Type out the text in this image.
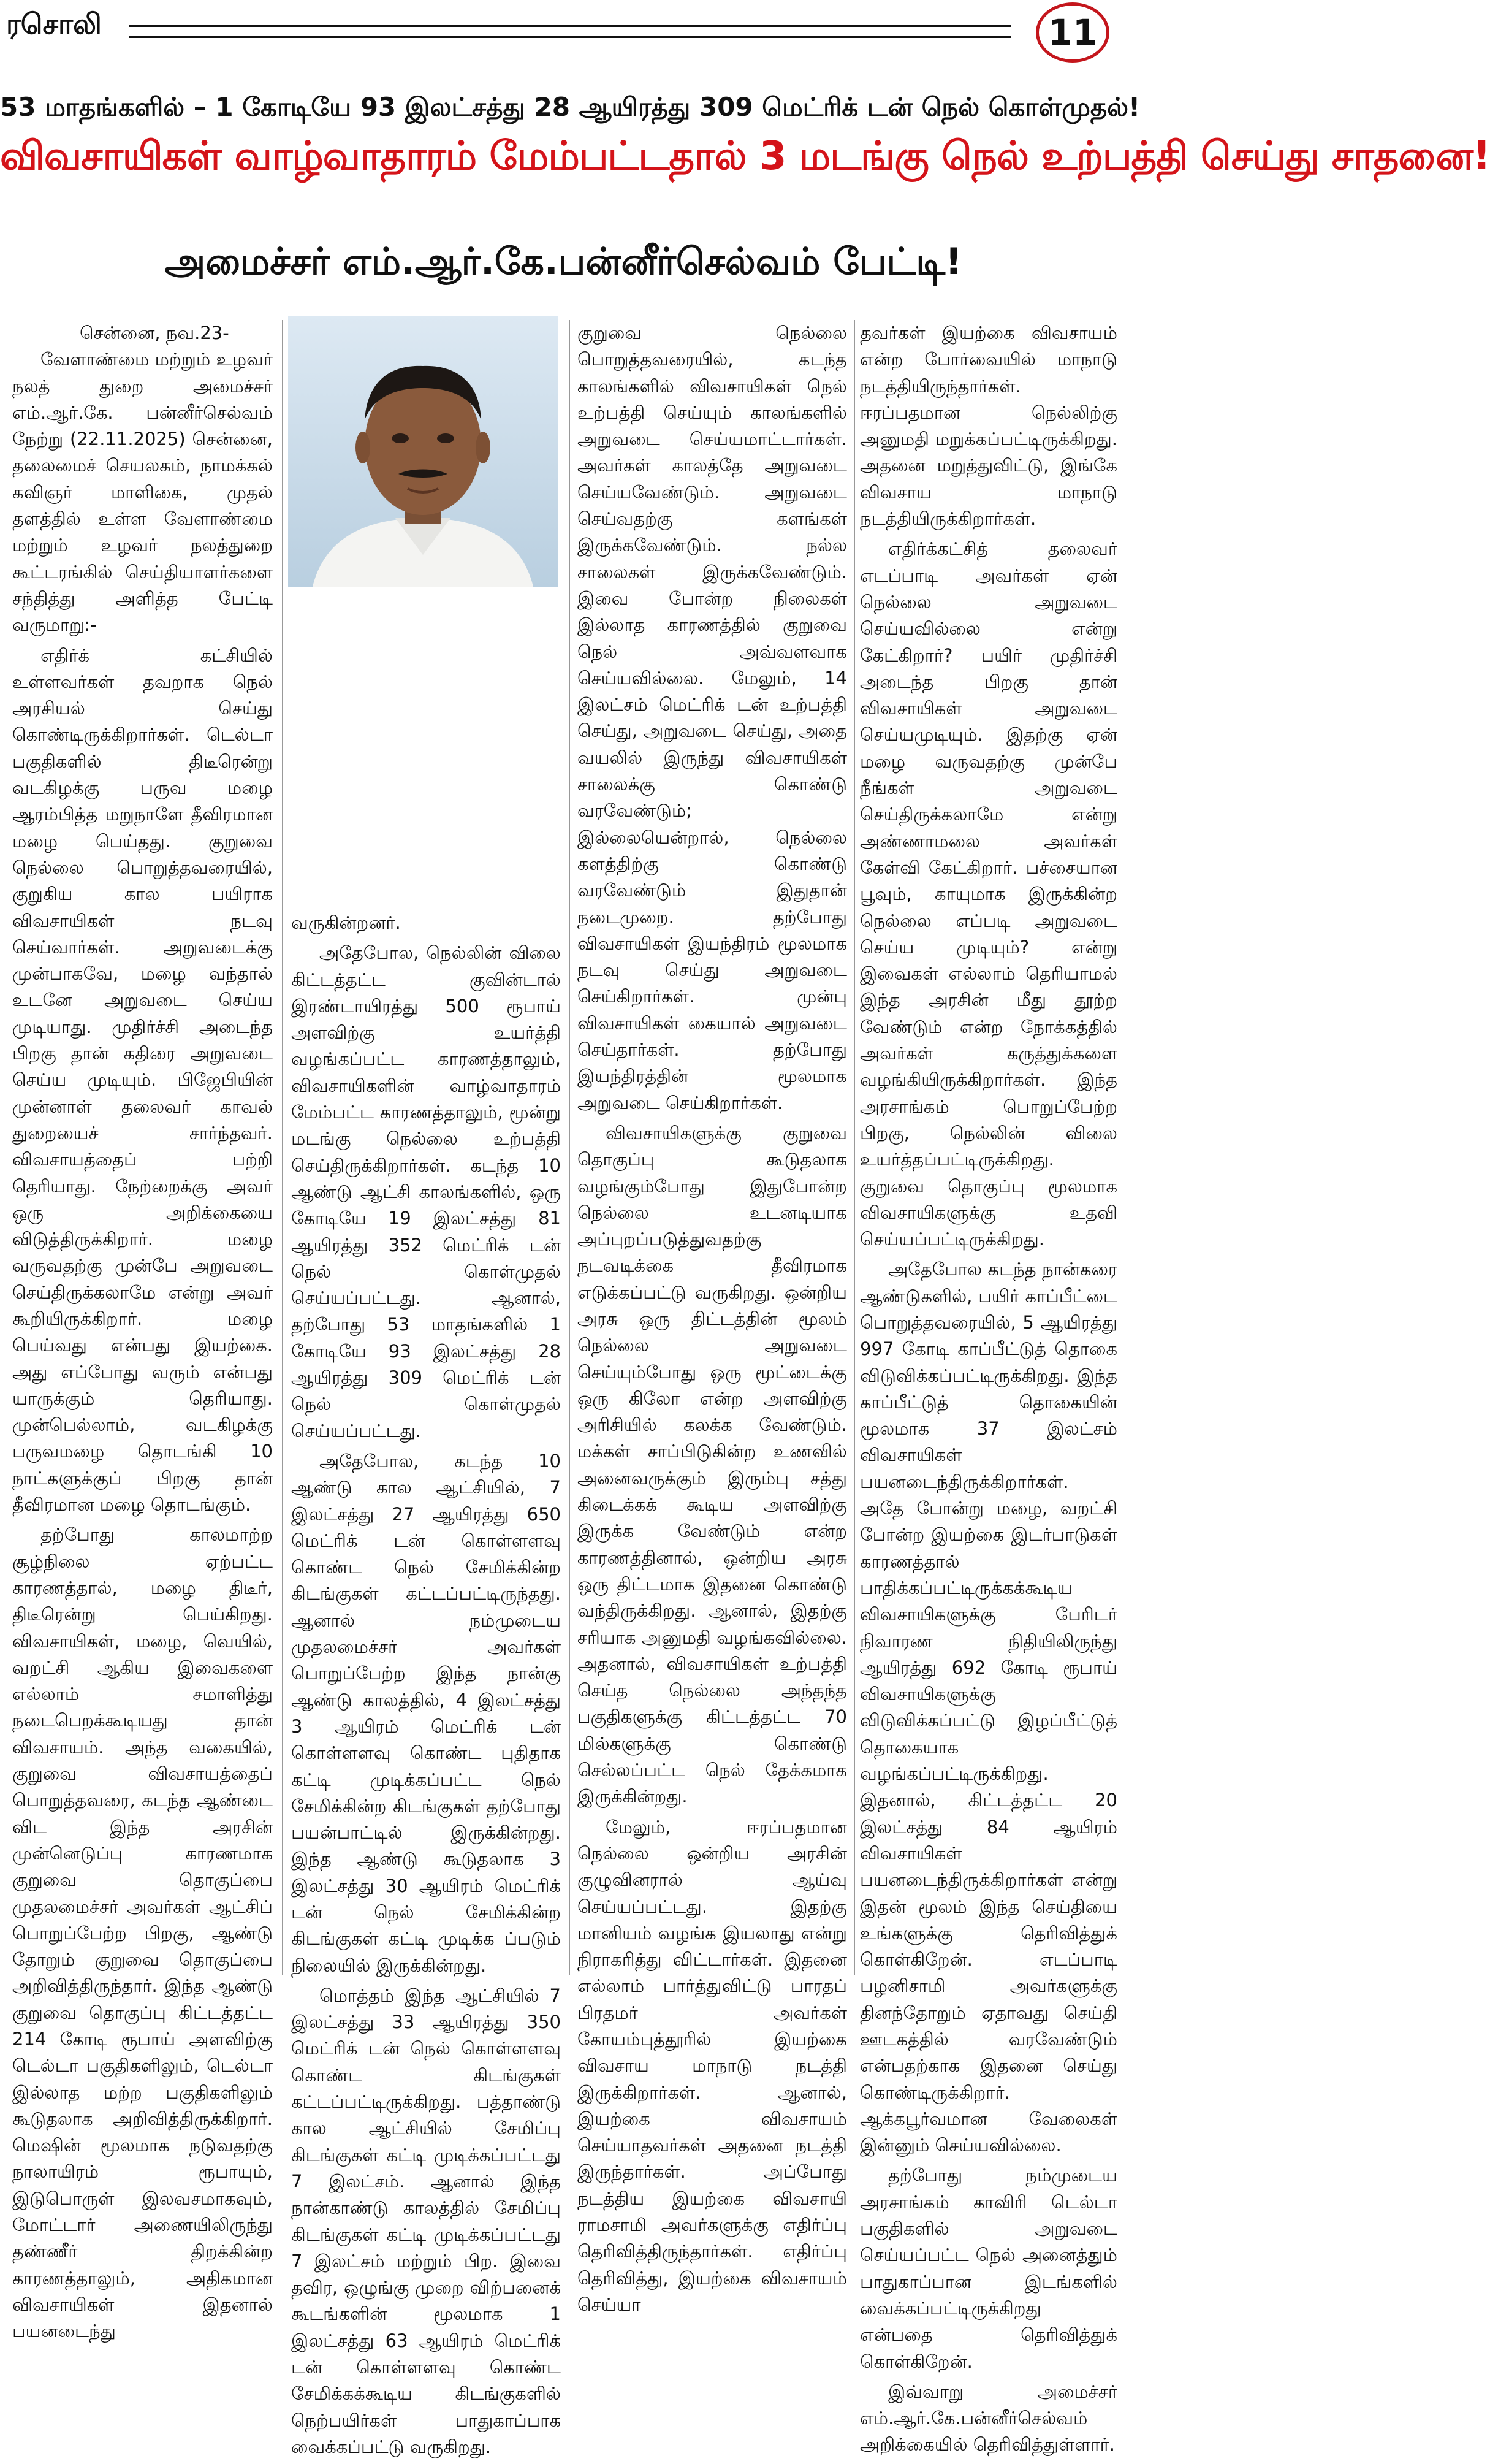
ரசொலி	11
53 மாதங்களில் – 1 கோடியே 93 இலட்சத்து 28 ஆயிரத்து 309 மெட்ரிக் டன் நெல் கொள்முதல்!
விவசாயிகள் வாழ்வாதாரம் மேம்பட்டதால் 3 மடங்கு நெல் உற்பத்தி செய்து சாதனை!
அமைச்சர் எம்.ஆர்.கே.பன்னீர்செல்வம் பேட்டி!

சென்னை, நவ.23-

வேளாண்மை மற்றும் உழவர் நலத் துறை அமைச்சர் எம்.ஆர்.கே. பன்னீர்செல்வம் நேற்று (22.11.2025) சென்னை, தலைமைச் செயலகம், நாமக்கல் கவிஞர் மாளிகை, முதல் தளத்தில் உள்ள வேளாண்மை மற்றும் உழவர் நலத்துறை கூட்டரங்கில் செய்தியாளர்களை சந்தித்து அளித்த பேட்டி வருமாறு:-

எதிர்க் கட்சியில் உள்ளவர்கள் தவறாக நெல் அரசியல் செய்து கொண்டிருக்கிறார்கள். டெல்டா பகுதிகளில் திடீரென்று வடகிழக்கு பருவ மழை ஆரம்பித்த மறுநாளே தீவிரமான மழை பெய்தது. குறுவை நெல்லை பொறுத்தவரையில், குறுகிய கால பயிராக விவசாயிகள் நடவு செய்வார்கள். அறுவடைக்கு முன்பாகவே, மழை வந்தால் உடனே அறுவடை செய்ய முடியாது. முதிர்ச்சி அடைந்த பிறகு தான் கதிரை அறுவடை செய்ய முடியும். பிஜேபியின் முன்னாள் தலைவர் காவல் துறையைச் சார்ந்தவர். விவசாயத்தைப் பற்றி தெரியாது. நேற்றைக்கு அவர் ஒரு அறிக்கையை விடுத்திருக்கிறார். மழை வருவதற்கு முன்பே அறுவடை செய்திருக்கலாமே என்று அவர் கூறியிருக்கிறார். மழை பெய்வது என்பது இயற்கை. அது எப்போது வரும் என்பது யாருக்கும் தெரியாது. முன்பெல்லாம், வடகிழக்கு பருவமழை தொடங்கி 10 நாட்களுக்குப் பிறகு தான் தீவிரமான மழை தொடங்கும்.

தற்போது காலமாற்ற சூழ்நிலை ஏற்பட்ட காரணத்தால், மழை திடீர், திடீரென்று பெய்கிறது. விவசாயிகள், மழை, வெயில், வறட்சி ஆகிய இவைகளை எல்லாம் சமாளித்து நடைபெறக்கூடியது தான் விவசாயம். அந்த வகையில், குறுவை விவசாயத்தைப் பொறுத்தவரை, கடந்த ஆண்டை விட இந்த அரசின் முன்னெடுப்பு காரணமாக குறுவை தொகுப்பை முதலமைச்சர் அவர்கள் ஆட்சிப் பொறுப்பேற்ற பிறகு, ஆண்டு தோறும் குறுவை தொகுப்பை அறிவித்திருந்தார். இந்த ஆண்டு குறுவை தொகுப்பு கிட்டத்தட்ட 214 கோடி ரூபாய் அளவிற்கு டெல்டா பகுதிகளிலும், டெல்டா இல்லாத மற்ற பகுதிகளிலும் கூடுதலாக அறிவித்திருக்கிறார். மெஷின் மூலமாக நடுவதற்கு நாலாயிரம் ரூபாயும், இடுபொருள் இலவசமாகவும், மோட்டார் அணையிலிருந்து தண்ணீர் திறக்கின்ற காரணத்தாலும், அதிகமான விவசாயிகள் இதனால் பயனடைந்து

வருகின்றனர்.

அதேபோல, நெல்லின் விலை கிட்டத்தட்ட குவின்டால் இரண்டாயிரத்து 500 ரூபாய் அளவிற்கு உயர்த்தி வழங்கப்பட்ட காரணத்தாலும், விவசாயிகளின் வாழ்வாதாரம் மேம்பட்ட காரணத்தாலும், மூன்று மடங்கு நெல்லை உற்பத்தி செய்திருக்கிறார்கள். கடந்த 10 ஆண்டு ஆட்சி காலங்களில், ஒரு கோடியே 19 இலட்சத்து 81 ஆயிரத்து 352 மெட்ரிக் டன் நெல் கொள்முதல் செய்யப்பட்டது. ஆனால், தற்போது 53 மாதங்களில் 1 கோடியே 93 இலட்சத்து 28 ஆயிரத்து 309 மெட்ரிக் டன் நெல் கொள்முதல் செய்யப்பட்டது.

அதேபோல, கடந்த 10 ஆண்டு கால ஆட்சியில், 7 இலட்சத்து 27 ஆயிரத்து 650 மெட்ரிக் டன் கொள்ளளவு கொண்ட நெல் சேமிக்கின்ற கிடங்குகள் கட்டப்பட்டிருந்தது. ஆனால் நம்முடைய முதலமைச்சர் அவர்கள் பொறுப்பேற்ற இந்த நான்கு ஆண்டு காலத்தில், 4 இலட்சத்து 3 ஆயிரம் மெட்ரிக் டன் கொள்ளளவு கொண்ட புதிதாக கட்டி முடிக்கப்பட்ட நெல் சேமிக்கின்ற கிடங்குகள் தற்போது பயன்பாட்டில் இருக்கின்றது. இந்த ஆண்டு கூடுதலாக 3 இலட்சத்து 30 ஆயிரம் மெட்ரிக் டன் நெல் சேமிக்கின்ற கிடங்குகள் கட்டி முடிக்க ப்படும் நிலையில் இருக்கின்றது.

மொத்தம் இந்த ஆட்சியில் 7 இலட்சத்து 33 ஆயிரத்து 350 மெட்ரிக் டன் நெல் கொள்ளளவு கொண்ட கிடங்குகள் கட்டப்பட்டிருக்கிறது. பத்தாண்டு கால ஆட்சியில் சேமிப்பு கிடங்குகள் கட்டி முடிக்கப்பட்டது 7 இலட்சம். ஆனால் இந்த நான்காண்டு காலத்தில் சேமிப்பு கிடங்குகள் கட்டி முடிக்கப்பட்டது 7 இலட்சம் மற்றும் பிற. இவை தவிர, ஒழுங்கு முறை விற்பனைக் கூடங்களின் மூலமாக 1 இலட்சத்து 63 ஆயிரம் மெட்ரிக் டன் கொள்ளளவு கொண்ட சேமிக்கக்கூடிய கிடங்குகளில் நெற்பயிர்கள் பாதுகாப்பாக வைக்கப்பட்டு வருகிறது.

குறுவை நெல்லை பொறுத்தவரையில், கடந்த காலங்களில் விவசாயிகள் நெல் உற்பத்தி செய்யும் காலங்களில் அறுவடை செய்யமாட்டார்கள். அவர்கள் காலத்தே அறுவடை செய்யவேண்டும். அறுவடை செய்வதற்கு களங்கள் இருக்கவேண்டும். நல்ல சாலைகள் இருக்கவேண்டும். இவை போன்ற நிலைகள் இல்லாத காரணத்தில் குறுவை நெல் அவ்வளவாக செய்யவில்லை. மேலும், 14 இலட்சம் மெட்ரிக் டன் உற்பத்தி செய்து, அறுவடை செய்து, அதை வயலில் இருந்து விவசாயிகள் சாலைக்கு கொண்டு வரவேண்டும்; இல்லையென்றால், நெல்லை களத்திற்கு கொண்டு வரவேண்டும் இதுதான் நடைமுறை. தற்போது விவசாயிகள் இயந்திரம் மூலமாக நடவு செய்து அறுவடை செய்கிறார்கள். முன்பு விவசாயிகள் கையால் அறுவடை செய்தார்கள். தற்போது இயந்திரத்தின் மூலமாக அறுவடை செய்கிறார்கள்.

விவசாயிகளுக்கு குறுவை தொகுப்பு கூடுதலாக வழங்கும்போது இதுபோன்ற நெல்லை உடனடியாக அப்புறப்படுத்துவதற்கு நடவடிக்கை தீவிரமாக எடுக்கப்பட்டு வருகிறது. ஒன்றிய அரசு ஒரு திட்டத்தின் மூலம் நெல்லை அறுவடை செய்யும்போது ஒரு மூட்டைக்கு ஒரு கிலோ என்ற அளவிற்கு அரிசியில் கலக்க வேண்டும். மக்கள் சாப்பிடுகின்ற உணவில் அனைவருக்கும் இரும்பு சத்து கிடைக்கக் கூடிய அளவிற்கு இருக்க வேண்டும் என்ற காரணத்தினால், ஒன்றிய அரசு ஒரு திட்டமாக இதனை கொண்டு வந்திருக்கிறது. ஆனால், இதற்கு சரியாக அனுமதி வழங்கவில்லை. அதனால், விவசாயிகள் உற்பத்தி செய்த நெல்லை அந்தந்த பகுதிகளுக்கு கிட்டத்தட்ட 70 மில்களுக்கு கொண்டு செல்லப்பட்ட நெல் தேக்கமாக இருக்கின்றது.

மேலும், ஈரப்பதமான நெல்லை ஒன்றிய அரசின் குழுவினரால் ஆய்வு செய்யப்பட்டது. இதற்கு மானியம் வழங்க இயலாது என்று நிராகரித்து விட்டார்கள். இதனை எல்லாம் பார்த்துவிட்டு பாரதப் பிரதமர் அவர்கள் கோயம்புத்தூரில் இயற்கை விவசாய மாநாடு நடத்தி இருக்கிறார்கள். ஆனால், இயற்கை விவசாயம் செய்யாதவர்கள் அதனை நடத்தி இருந்தார்கள். அப்போது நடத்திய இயற்கை விவசாயி ராமசாமி அவர்களுக்கு எதிர்ப்பு தெரிவித்திருந்தார்கள். எதிர்ப்பு தெரிவித்து, இயற்கை விவசாயம் செய்யா

தவர்கள் இயற்கை விவசாயம் என்ற போர்வையில் மாநாடு நடத்தியிருந்தார்கள். ஈரப்பதமான நெல்லிற்கு அனுமதி மறுக்கப்பட்டிருக்கிறது. அதனை மறுத்துவிட்டு, இங்கே விவசாய மாநாடு நடத்தியிருக்கிறார்கள்.

எதிர்க்கட்சித் தலைவர் எடப்பாடி அவர்கள் ஏன் நெல்லை அறுவடை செய்யவில்லை என்று கேட்கிறார்? பயிர் முதிர்ச்சி அடைந்த பிறகு தான் விவசாயிகள் அறுவடை செய்யமுடியும். இதற்கு ஏன் மழை வருவதற்கு முன்பே நீங்கள் அறுவடை செய்திருக்கலாமே என்று அண்ணாமலை அவர்கள் கேள்வி கேட்கிறார். பச்சையான பூவும், காயுமாக இருக்கின்ற நெல்லை எப்படி அறுவடை செய்ய முடியும்? என்று இவைகள் எல்லாம் தெரியாமல் இந்த அரசின் மீது தூற்ற வேண்டும் என்ற நோக்கத்தில் அவர்கள் கருத்துக்களை வழங்கியிருக்கிறார்கள். இந்த அரசாங்கம் பொறுப்பேற்ற பிறகு, நெல்லின் விலை உயர்த்தப்பட்டிருக்கிறது. குறுவை தொகுப்பு மூலமாக விவசாயிகளுக்கு உதவி செய்யப்பட்டிருக்கிறது.

அதேபோல கடந்த நான்கரை ஆண்டுகளில், பயிர் காப்பீட்டை பொறுத்தவரையில், 5 ஆயிரத்து 997 கோடி காப்பீட்டுத் தொகை விடுவிக்கப்பட்டிருக்கிறது. இந்த காப்பீட்டுத் தொகையின் மூலமாக 37 இலட்சம் விவசாயிகள் பயனடைந்திருக்கிறார்கள். அதே போன்று மழை, வறட்சி போன்ற இயற்கை இடர்பாடுகள் காரணத்தால் பாதிக்கப்பட்டிருக்கக்கூடிய விவசாயிகளுக்கு பேரிடர் நிவாரண நிதியிலிருந்து ஆயிரத்து 692 கோடி ரூபாய் விவசாயிகளுக்கு விடுவிக்கப்பட்டு இழப்பீட்டுத் தொகையாக வழங்கப்பட்டிருக்கிறது. இதனால், கிட்டத்தட்ட 20 இலட்சத்து 84 ஆயிரம் விவசாயிகள் பயனடைந்திருக்கிறார்கள் என்று இதன் மூலம் இந்த செய்தியை உங்களுக்கு தெரிவித்துக் கொள்கிறேன். எடப்பாடி பழனிசாமி அவர்களுக்கு தினந்தோறும் ஏதாவது செய்தி ஊடகத்தில் வரவேண்டும் என்பதற்காக இதனை செய்து கொண்டிருக்கிறார். ஆக்கபூர்வமான வேலைகள் இன்னும் செய்யவில்லை.

தற்போது நம்முடைய அரசாங்கம் காவிரி டெல்டா பகுதிகளில் அறுவடை செய்யப்பட்ட நெல் அனைத்தும் பாதுகாப்பான இடங்களில் வைக்கப்பட்டிருக்கிறது என்பதை தெரிவித்துக் கொள்கிறேன்.

இவ்வாறு அமைச்சர் எம்.ஆர்.கே.பன்னீர்செல்வம் அறிக்கையில் தெரிவித்துள்ளார்.
